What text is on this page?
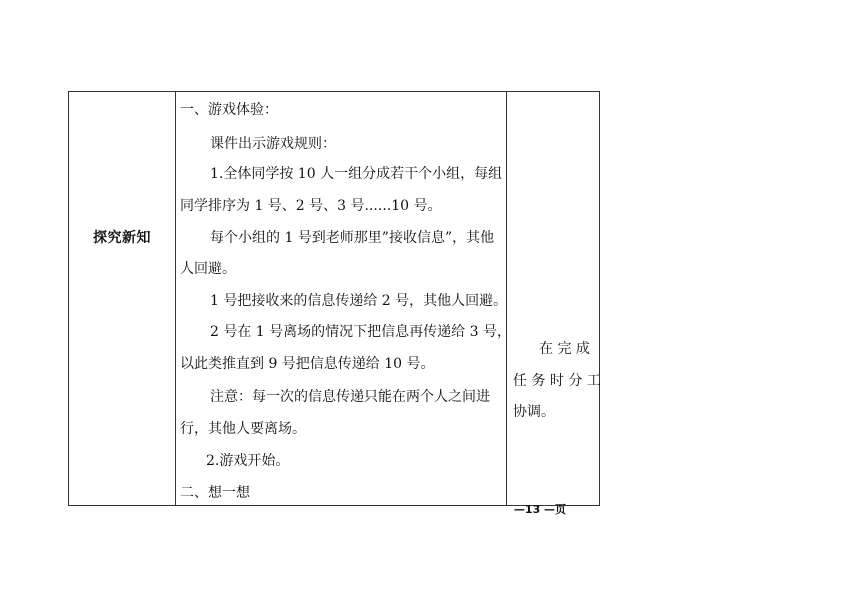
探究新知
一、游戏体验：
课件出示游戏规则：
1.全体同学按 10 人一组分成若干个小组，每组
同学排序为 1 号、2 号、3 号......10 号。
每个小组的 1 号到老师那里”接收信息”，其他
人回避。
1 号把接收来的信息传递给 2 号，其他人回避。
2 号在 1 号离场的情况下把信息再传递给 3 号，
以此类推直到 9 号把信息传递给 10 号。
注意：每一次的信息传递只能在两个人之间进
行，其他人要离场。
2.游戏开始。
二、想一想
在 完 成
任 务 时 分 工
协调。
—13 —页
